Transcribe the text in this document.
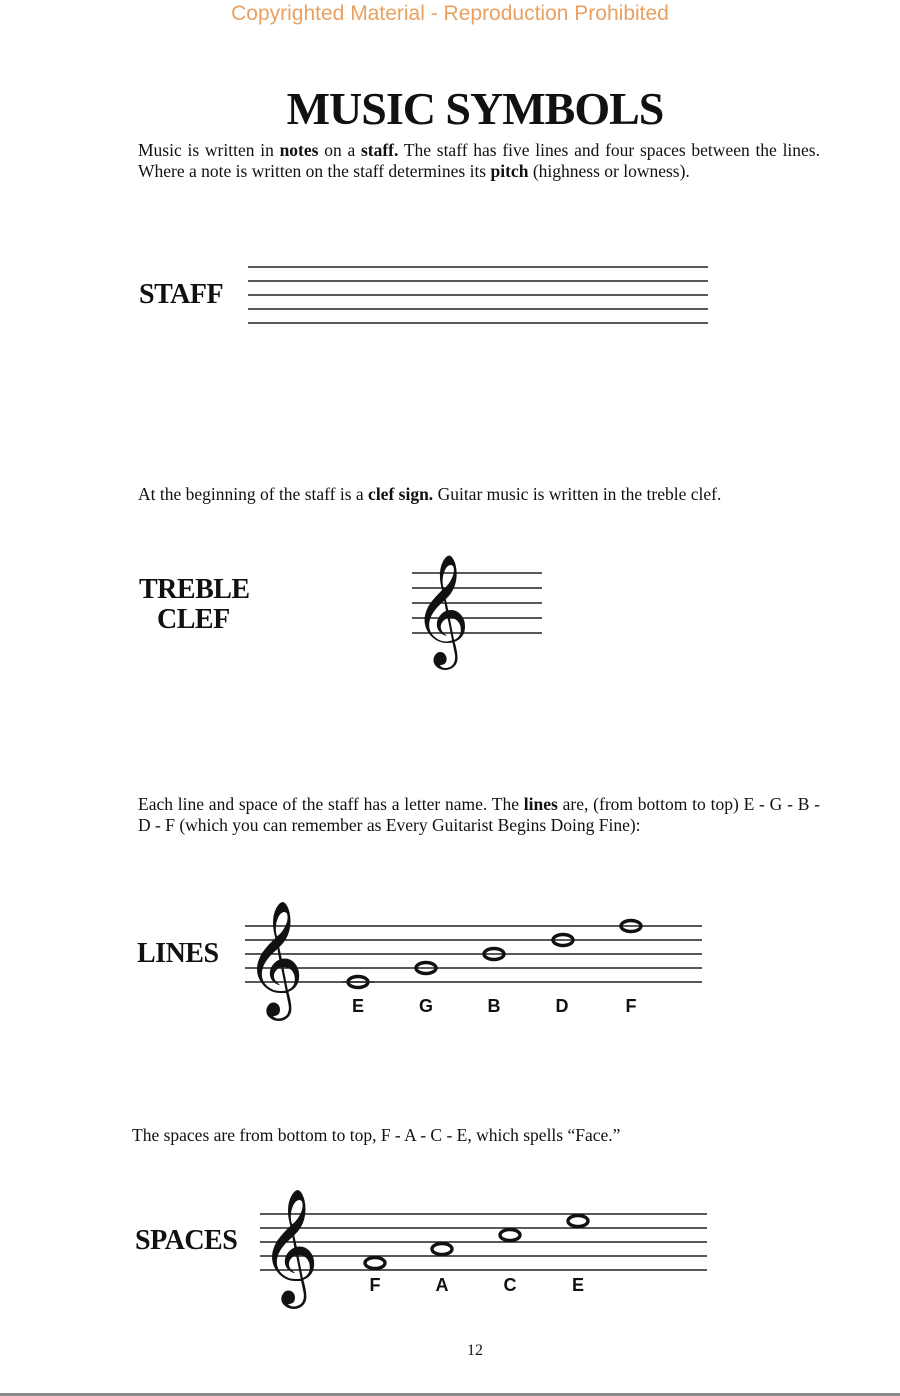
Copyrighted Material - Reproduction Prohibited
MUSIC SYMBOLS
Music is written in notes on a staff. The staff has five lines and four spaces between the lines. Where a note is written on the staff determines its pitch (highness or lowness).
STAFF
At the beginning of the staff is a clef sign. Guitar music is written in the treble clef.
TREBLE
CLEF 𝄞
Each line and space of the staff has a letter name. The lines are, (from bottom to top) E - G - B - D - F (which you can remember as Every Guitarist Begins Doing Fine):
LINES 𝄞	E	G	B	D	F
The spaces are from bottom to top, F - A - C - E, which spells “Face.”
SPACES 𝄞	F	A	C	E
12
